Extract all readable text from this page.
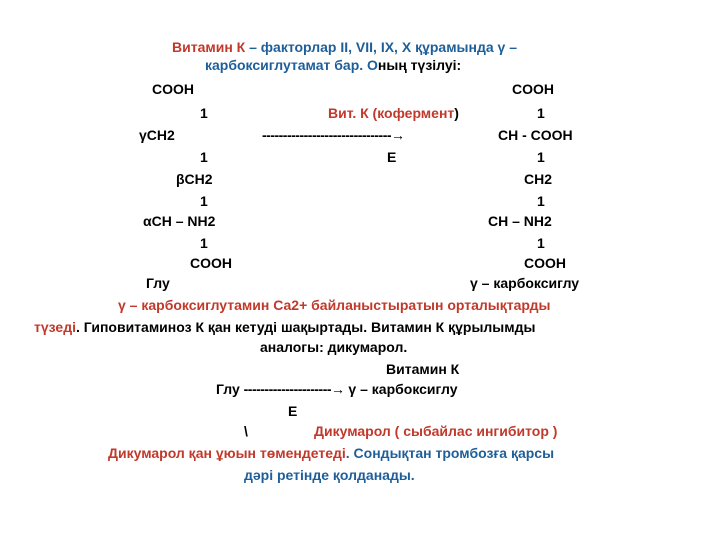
Витамин К – факторлар II, VII, IX, X құрамында γ –
карбоксиглутамат бар. Оның түзілуі:
COOH	COOH
1	Вит. К (кофермент)	1
γCH2	-------------------------------→	CH - COOH
1	Е	1
βCH2	CH2
1	1
αCH – NH2	CH – NH2
1	1
COOH	COOH
Глу	γ – карбоксиглу
γ – карбоксиглутамин Са2+ байланыстыратын орталықтарды
түзеді. Гиповитаминоз К қан кетуді шақыртады. Витамин К құрылымды
аналогы: дикумарол.
Витамин К
Глу ---------------------→ γ – карбоксиглу
Е
\	Дикумарол ( сыбайлас ингибитор )
Дикумарол қан ұюын төмендетеді. Сондықтан тромбозға қарсы
дәрі ретінде қолданады.
